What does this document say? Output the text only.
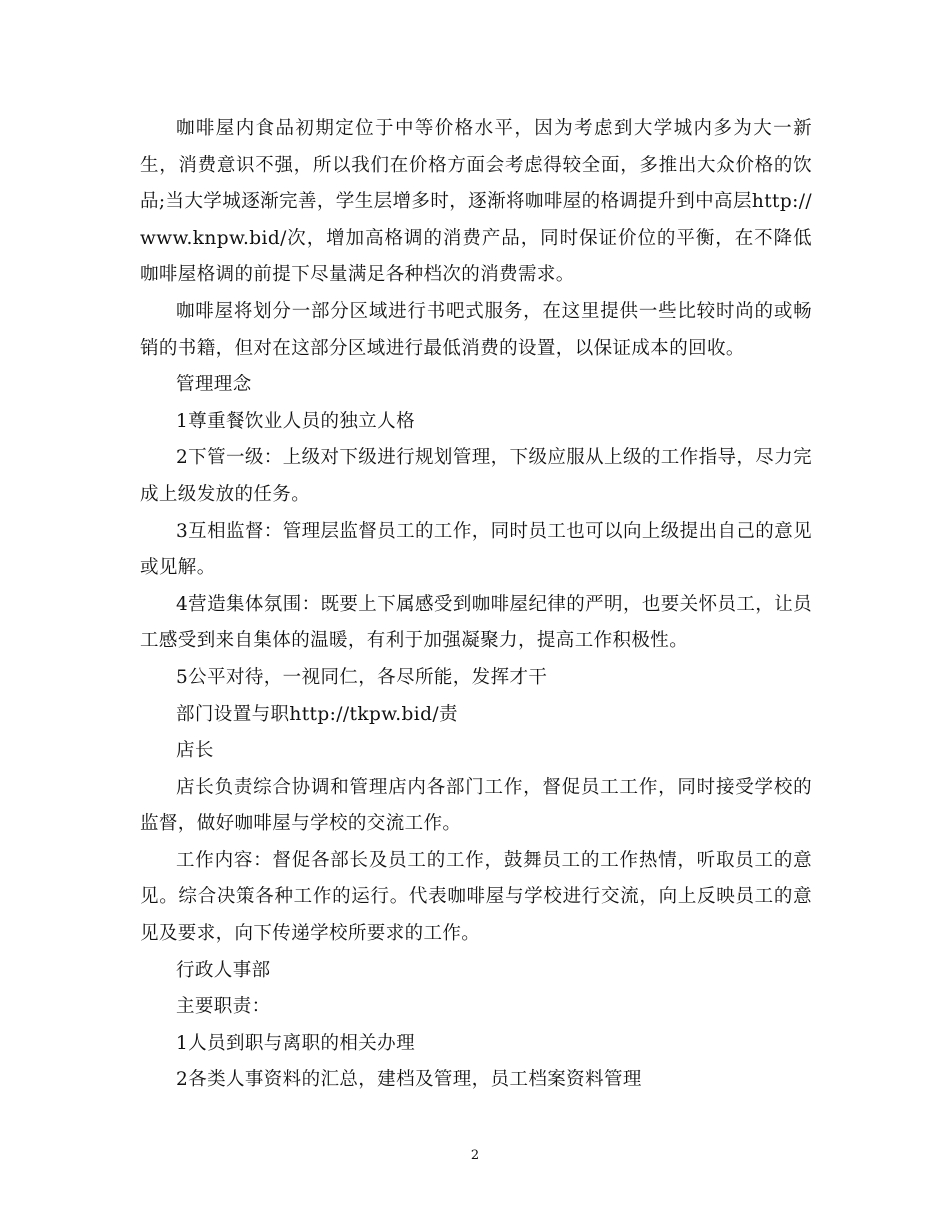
咖啡屋内食品初期定位于中等价格水平，因为考虑到大学城内多为大一新生，消费意识不强，所以我们在价格方面会考虑得较全面，多推出大众价格的饮品;当大学城逐渐完善，学生层增多时，逐渐将咖啡屋的格调提升到中高层http://www.knpw.bid/次，增加高格调的消费产品，同时保证价位的平衡，在不降低咖啡屋格调的前提下尽量满足各种档次的消费需求。

咖啡屋将划分一部分区域进行书吧式服务，在这里提供一些比较时尚的或畅销的书籍，但对在这部分区域进行最低消费的设置，以保证成本的回收。

管理理念

1尊重餐饮业人员的独立人格

2下管一级：上级对下级进行规划管理，下级应服从上级的工作指导，尽力完成上级发放的任务。

3互相监督：管理层监督员工的工作，同时员工也可以向上级提出自己的意见或见解。

4营造集体氛围：既要上下属感受到咖啡屋纪律的严明，也要关怀员工，让员工感受到来自集体的温暖，有利于加强凝聚力，提高工作积极性。

5公平对待，一视同仁，各尽所能，发挥才干

部门设置与职http://tkpw.bid/责

店长

店长负责综合协调和管理店内各部门工作，督促员工工作，同时接受学校的监督，做好咖啡屋与学校的交流工作。

工作内容：督促各部长及员工的工作，鼓舞员工的工作热情，听取员工的意见。综合决策各种工作的运行。代表咖啡屋与学校进行交流，向上反映员工的意见及要求，向下传递学校所要求的工作。

行政人事部

主要职责：

1人员到职与离职的相关办理

2各类人事资料的汇总，建档及管理，员工档案资料管理

2
